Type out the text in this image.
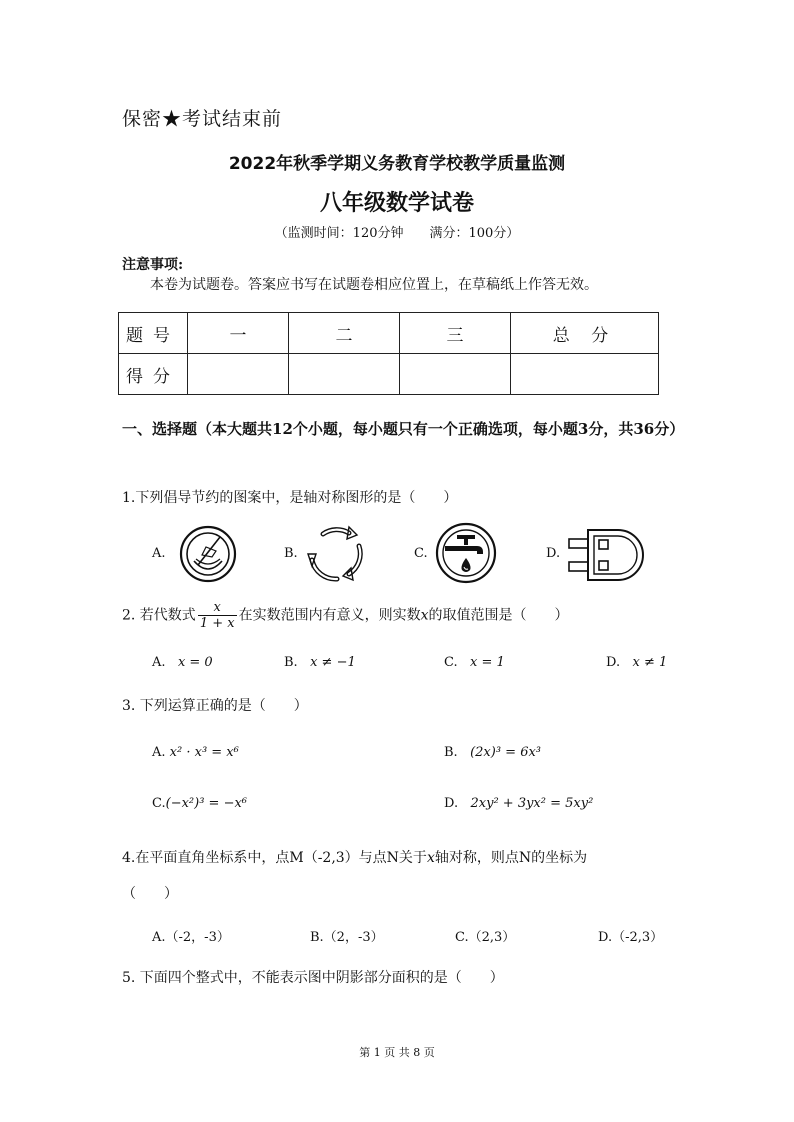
保密★考试结束前
2022年秋季学期义务教育学校教学质量监测
八年级数学试卷
（监测时间：120分钟　　满分：100分）
注意事项:
本卷为试题卷。答案应书写在试题卷相应位置上，在草稿纸上作答无效。
题号	一	二	三	总 分
得分				
一、选择题（本大题共12个小题，每小题只有一个正确选项，每小题3分，共36分）
1.下列倡导节约的图案中，是轴对称图形的是（　　）
A.	B.	C.	D.
2. 若代数式 $\frac{x}{1 + x}$ 在实数范围内有意义，则实数x的取值范围是（　　）
A. x = 0	B. x ≠ −1	C. x = 1	D. x ≠ 1
3. 下列运算正确的是（　　）
A. x² · x³ = x⁶	B. (2x)³ = 6x³
C.(−x²)³ = −x⁶	D. 2xy² + 3yx² = 5xy²
4.在平面直角坐标系中，点M（-2,3）与点N关于x轴对称，则点N的坐标为
（　　）
A.（-2，-3）	B.（2，-3）	C.（2,3）	D.（-2,3）
5. 下面四个整式中，不能表示图中阴影部分面积的是（　　）
第 1 页 共 8 页
